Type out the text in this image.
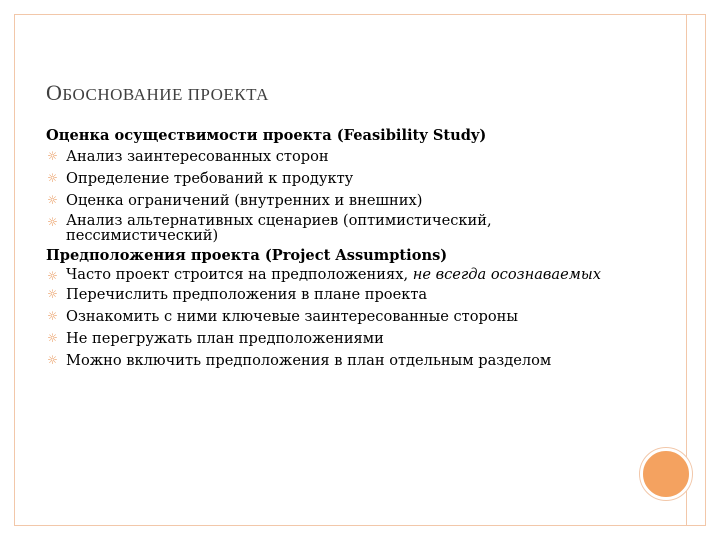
ОБОСНОВАНИЕ ПРОЕКТА
Оценка осуществимости проекта (Feasibility Study)
☼ Анализ заинтересованных сторон
☼ Определение требований к продукту
☼ Оценка ограничений (внутренних и внешних)
☼ Анализ альтернативных сценариев (оптимистический, пессимистический)
Предположения проекта (Project Assumptions)
☼ Часто проект строится на предположениях, не всегда осознаваемых
☼ Перечислить предположения в плане проекта
☼ Ознакомить с ними ключевые заинтересованные стороны
☼ Не перегружать план предположениями
☼ Можно включить предположения в план отдельным разделом
